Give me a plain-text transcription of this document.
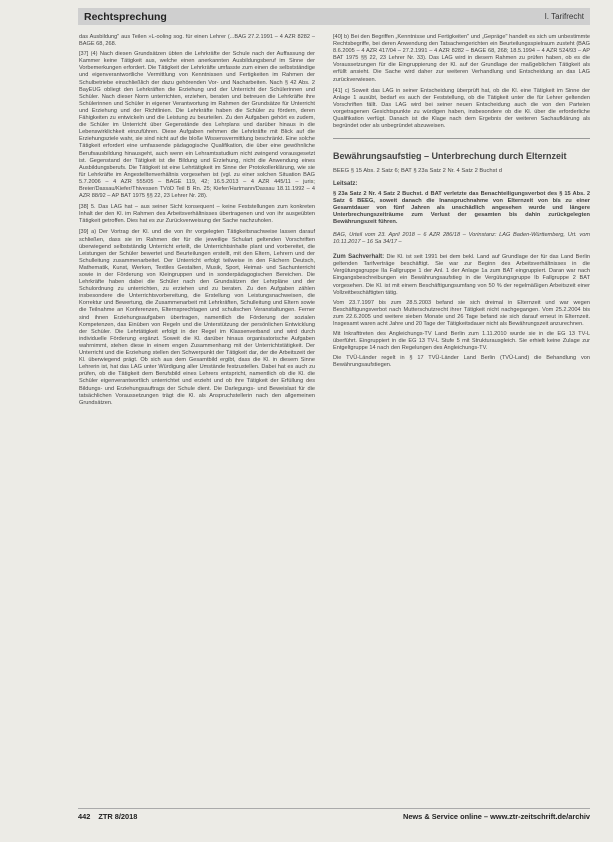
Rechtsprechung	I. Tarifrecht

das Ausbildung" aus Teilen »L-ooling sog. für einen Lehrer (...BAG 27.2.1991 – 4 AZR 8282 – BAGE 68, 268.

[37] (4) Nach diesen Grundsätzen übten die Lehrkräfte der Schule nach der Auffassung der Kammer keine Tätigkeit aus, welche einen anerkannten Ausbildungsberuf im Sinne der Vorbemerkungen erfordert. Die Tätigkeit der Lehrkräfte umfasste zum einen die selbstständige und eigenverantwortliche Vermittlung von Kenntnissen und Fertigkeiten im Rahmen der Schulbetriebe einschließlich der dazu gehörenden Vor- und Nacharbeiten. Nach § 42 Abs. 2 BayEUG obliegt den Lehrkräften die Erziehung und der Unterricht der Schülerinnen und Schüler. Nach dieser Norm unterrichten, erziehen, beraten und betreuen die Lehrkräfte ihre Schülerinnen und Schüler in eigener Verantwortung im Rahmen der Grundsätze für Unterricht und Erziehung und der Richtlinien. Die Lehrkräfte haben die Schüler zu fördern, deren Fähigkeiten zu entwickeln und die Leistung zu beurteilen. Zu den Aufgaben gehört es zudem, die Schüler im Unterricht über Gegenstände des Lehrplans und darüber hinaus in die Lebenswirklichkeit einzuführen. Diese Aufgaben nehmen die Lehrkräfte mit Blick auf die Erziehungsziele wahr, sie sind nicht auf die bloße Wissensvermittlung beschränkt. Eine solche Tätigkeit erfordert eine umfassende pädagogische Qualifikation, die über eine gewöhnliche Berufsausbildung hinausgeht, auch wenn ein Lehramtsstudium nicht zwingend vorausgesetzt ist. Gegenstand der Tätigkeit ist die Bildung und Erziehung, nicht die Anwendung eines Ausbildungsberufs. Die Tätigkeit ist eine Lehrtätigkeit im Sinne der Protokollerklärung, wie sie für Lehrkräfte im Angestelltenverhältnis vorgesehen ist (vgl. zu einer solchen Situation BAG 5.7.2006 – 4 AZR 555/05 – BAGE 119, 42; 16.5.2013 – 4 AZR 445/11 – juris; Breier/Dassau/Kiefer/Thivessen TVöD Teil B Rn. 25; Kiefer/Hartmann/Dassau 18.11.1992 – 4 AZR 88/92 – AP BAT 1975 §§ 22, 23 Lehrer Nr. 28).

[38] 5. Das LAG hat – aus seiner Sicht konsequent – keine Feststellungen zum konkreten Inhalt der den Kl. im Rahmen des Arbeitsverhältnisses übertragenen und von ihr ausgeübten Tätigkeit getroffen. Dies hat es zur Zurückverweisung der Sache nachzuholen.

[39] a) Der Vortrag der Kl. und die von ihr vorgelegten Tätigkeitsnachweise lassen darauf schließen, dass sie im Rahmen der für die jeweilige Schulart geltenden Vorschriften überwiegend selbstständig Unterricht erteilt, die Unterrichtsinhalte plant und vorbereitet, die Leistungen der Schüler bewertet und Beurteilungen erstellt, mit den Eltern, Lehrern und der Schulleitung zusammenarbeitet. Der Unterricht erfolgt teilweise in den Fächern Deutsch, Mathematik, Kunst, Werken, Textiles Gestalten, Musik, Sport, Heimat- und Sachunterricht sowie in der Förderung von Kleingruppen und in sonderpädagogischen Bereichen. Die Lehrkräfte haben dabei die Schüler nach den Grundsätzen der Lehrpläne und der Schulordnung zu unterrichten, zu erziehen und zu beraten. Zu den Aufgaben zählen insbesondere die Unterrichtsvorbereitung, die Erstellung von Leistungsnachweisen, die Korrektur und Bewertung, die Zusammenarbeit mit Lehrkräften, Schulleitung und Eltern sowie die Teilnahme an Konferenzen, Elternsprechtagen und schulischen Veranstaltungen. Ferner sind ihnen Erziehungsaufgaben übertragen, namentlich die Förderung der sozialen Kompetenzen, das Einüben von Regeln und die Unterstützung der persönlichen Entwicklung der Schüler. Die Lehrtätigkeit erfolgt in der Regel im Klassenverband und wird durch individuelle Förderung ergänzt. Soweit die Kl. darüber hinaus organisatorische Aufgaben wahrnimmt, stehen diese in einem engen Zusammenhang mit der Unterrichtstätigkeit. Der Unterricht und die Erziehung stellen den Schwerpunkt der Tätigkeit dar, der die Arbeitszeit der Kl. überwiegend prägt. Ob sich aus dem Gesamtbild ergibt, dass die Kl. in diesem Sinne Lehrerin ist, hat das LAG unter Würdigung aller Umstände festzustellen. Dabei hat es auch zu prüfen, ob die Tätigkeit dem Berufsbild eines Lehrers entspricht, namentlich ob die Kl. die Schüler eigenverantwortlich unterrichtet und erzieht und ob ihre Tätigkeit der Erfüllung des Bildungs- und Erziehungsauftrags der Schule dient. Die Darlegungs- und Beweislast für die tatsächlichen Voraussetzungen trägt die Kl. als Anspruchstellerin nach den allgemeinen Grundsätzen.

[40] b) Bei den Begriffen „Kenntnisse und Fertigkeiten" und „Gepräge" handelt es sich um unbestimmte Rechtsbegriffe, bei deren Anwendung den Tatsachengerichten ein Beurteilungsspielraum zusteht (BAG 8.6.2005 – 4 AZR 417/04 – 27.2.1991 – 4 AZR 8282 – BAGE 68, 268; 18.5.1994 – 4 AZR 524/93 – AP BAT 1975 §§ 22, 23 Lehrer Nr. 33). Das LAG wird in diesem Rahmen zu prüfen haben, ob es die Voraussetzungen für die Eingruppierung der Kl. auf der Grundlage der maßgeblichen Tätigkeit als erfüllt ansieht. Die Sache wird daher zur weiteren Verhandlung und Entscheidung an das LAG zurückverwiesen.

[41] c) Soweit das LAG in seiner Entscheidung überprüft hat, ob die Kl. eine Tätigkeit im Sinne der Anlage 1 ausübt, bedarf es auch der Feststellung, ob die Tätigkeit unter die für Lehrer geltenden Vorschriften fällt. Das LAG wird bei seiner neuen Entscheidung auch die von den Parteien vorgetragenen Gesichtspunkte zu würdigen haben, insbesondere ob die Kl. über die erforderliche Qualifikation verfügt. Danach ist die Klage nach dem Ergebnis der weiteren Sachaufklärung als begründet oder als unbegründet abzuweisen.

Bewährungsaufstieg – Unterbrechung durch Elternzeit
BEEG § 15 Abs. 2 Satz 6; BAT § 23a Satz 2 Nr. 4 Satz 2 Buchst d
Leitsatz:
§ 23a Satz 2 Nr. 4 Satz 2 Buchst. d BAT verletzte das Benachteiligungsverbot des § 15 Abs. 2 Satz 6 BEEG, soweit danach die Inanspruchnahme von Elternzeit von bis zu einer Gesamtdauer von fünf Jahren als unschädlich angesehen wurde und längere Unterbrechungszeiträume zum Verlust der gesamten bis dahin zurückgelegten Bewährungszeit führen.
BAG, Urteil vom 23. April 2018 – 6 AZR 286/18 – Vorinstanz: LAG Baden-Württemberg, Urt. vom 10.11.2017 – 16 Sa 34/17 –

Zum Sachverhalt: Die Kl. ist seit 1991 bei dem bekl. Land auf Grundlage der für das Land Berlin geltenden Tarifverträge beschäftigt. Sie war zur Beginn des Arbeitsverhältnisses in die Vergütungsgruppe IIa Fallgruppe 1 der Anl. 1 der Anlage 1a zum BAT eingruppiert. Daran war nach Eingangsbeschreibungen ein Bewährungsaufstieg in die Vergütungsgruppe Ib Fallgruppe 2 BAT vorgesehen. Die Kl. ist mit einem Beschäftigungsumfang von 50 % der regelmäßigen Arbeitszeit einer Vollzeitbeschäftigten tätig.

Vom 23.7.1997 bis zum 28.5.2003 befand sie sich dreimal in Elternzeit und war wegen Beschäftigungsverbot nach Mutterschutzrecht ihrer Tätigkeit nicht nachgegangen. Vom 25.2.2004 bis zum 22.6.2005 und weitere sieben Monate und 26 Tage befand sie sich darauf erneut in Elternzeit. Insgesamt waren acht Jahre und 20 Tage der Tätigkeitsdauer nicht als Bewährungszeit anzurechnen.

Mit Inkrafttreten des Angleichungs-TV Land Berlin zum 1.11.2010 wurde sie in die EG 13 TV-L überführt. Eingruppiert in die EG 13 TV-L Stufe 5 mit Strukturausgleich. Sie erhielt keine Zulage zur Entgeltgruppe 14 nach den Regelungen des Angleichungs-TV.

Die TVÜ-Länder regelt in § 17 TVÜ-Länder Land Berlin (TVÜ-Land) die Behandlung von Bewährungsaufstiegen.

442 ZTR 8/2018	News & Service online – www.ztr-zeitschrift.de/archiv
